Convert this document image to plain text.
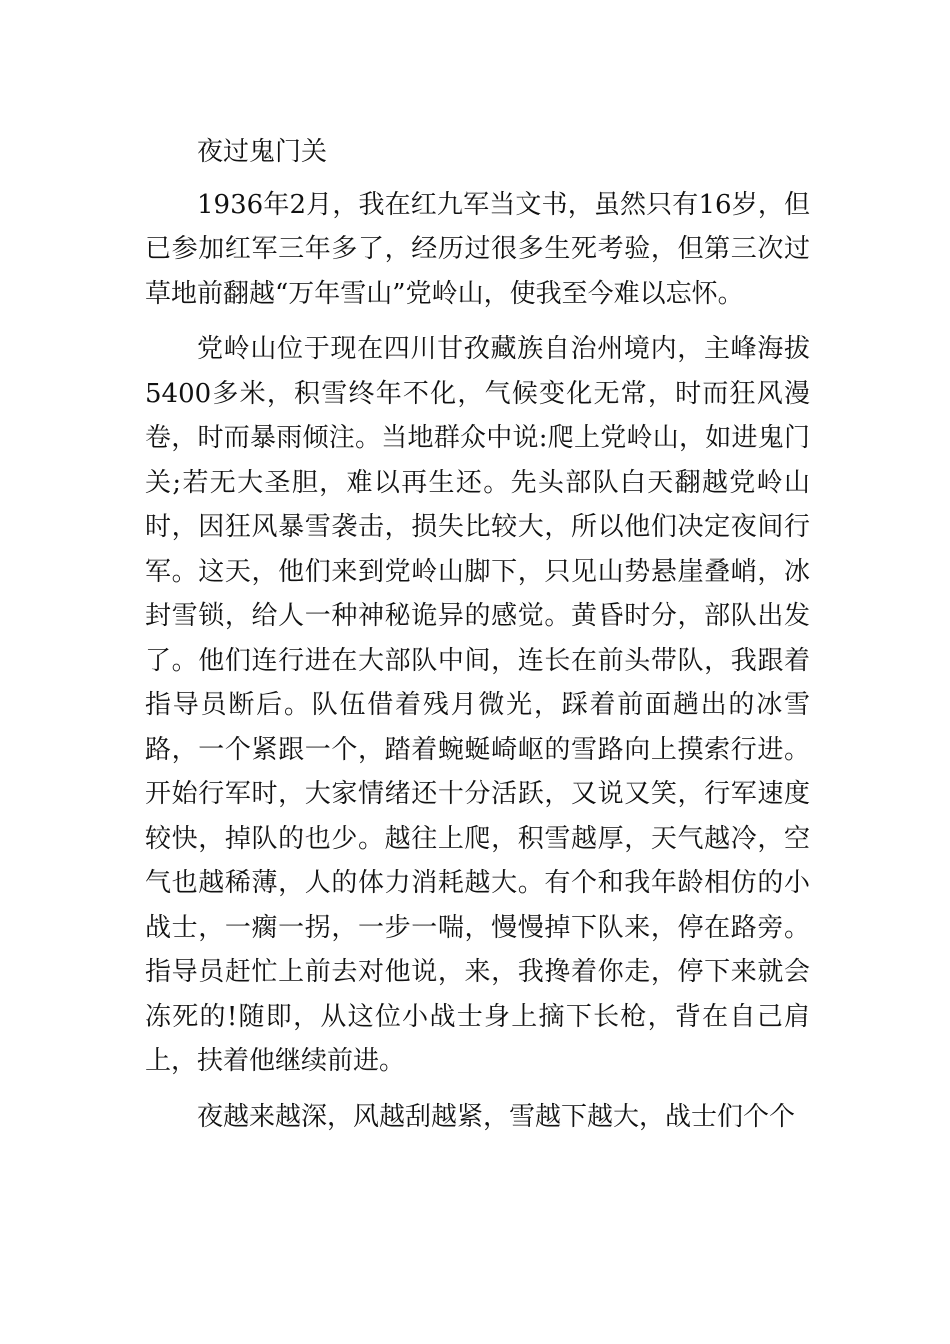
夜过鬼门关

1936年2月，我在红九军当文书，虽然只有16岁，但已参加红军三年多了，经历过很多生死考验，但第三次过草地前翻越“万年雪山”党岭山，使我至今难以忘怀。

党岭山位于现在四川甘孜藏族自治州境内，主峰海拔5400多米，积雪终年不化，气候变化无常，时而狂风漫卷，时而暴雨倾注。当地群众中说:爬上党岭山，如进鬼门关;若无大圣胆，难以再生还。先头部队白天翻越党岭山时，因狂风暴雪袭击，损失比较大，所以他们决定夜间行军。这天，他们来到党岭山脚下，只见山势悬崖叠峭，冰封雪锁，给人一种神秘诡异的感觉。黄昏时分，部队出发了。他们连行进在大部队中间，连长在前头带队，我跟着指导员断后。队伍借着残月微光，踩着前面趟出的冰雪路，一个紧跟一个，踏着蜿蜒崎岖的雪路向上摸索行进。开始行军时，大家情绪还十分活跃，又说又笑，行军速度较快，掉队的也少。越往上爬，积雪越厚，天气越冷，空气也越稀薄，人的体力消耗越大。有个和我年龄相仿的小战士，一瘸一拐，一步一喘，慢慢掉下队来，停在路旁。指导员赶忙上前去对他说，来，我搀着你走，停下来就会冻死的!随即，从这位小战士身上摘下长枪，背在自己肩上，扶着他继续前进。

夜越来越深，风越刮越紧，雪越下越大，战士们个个
